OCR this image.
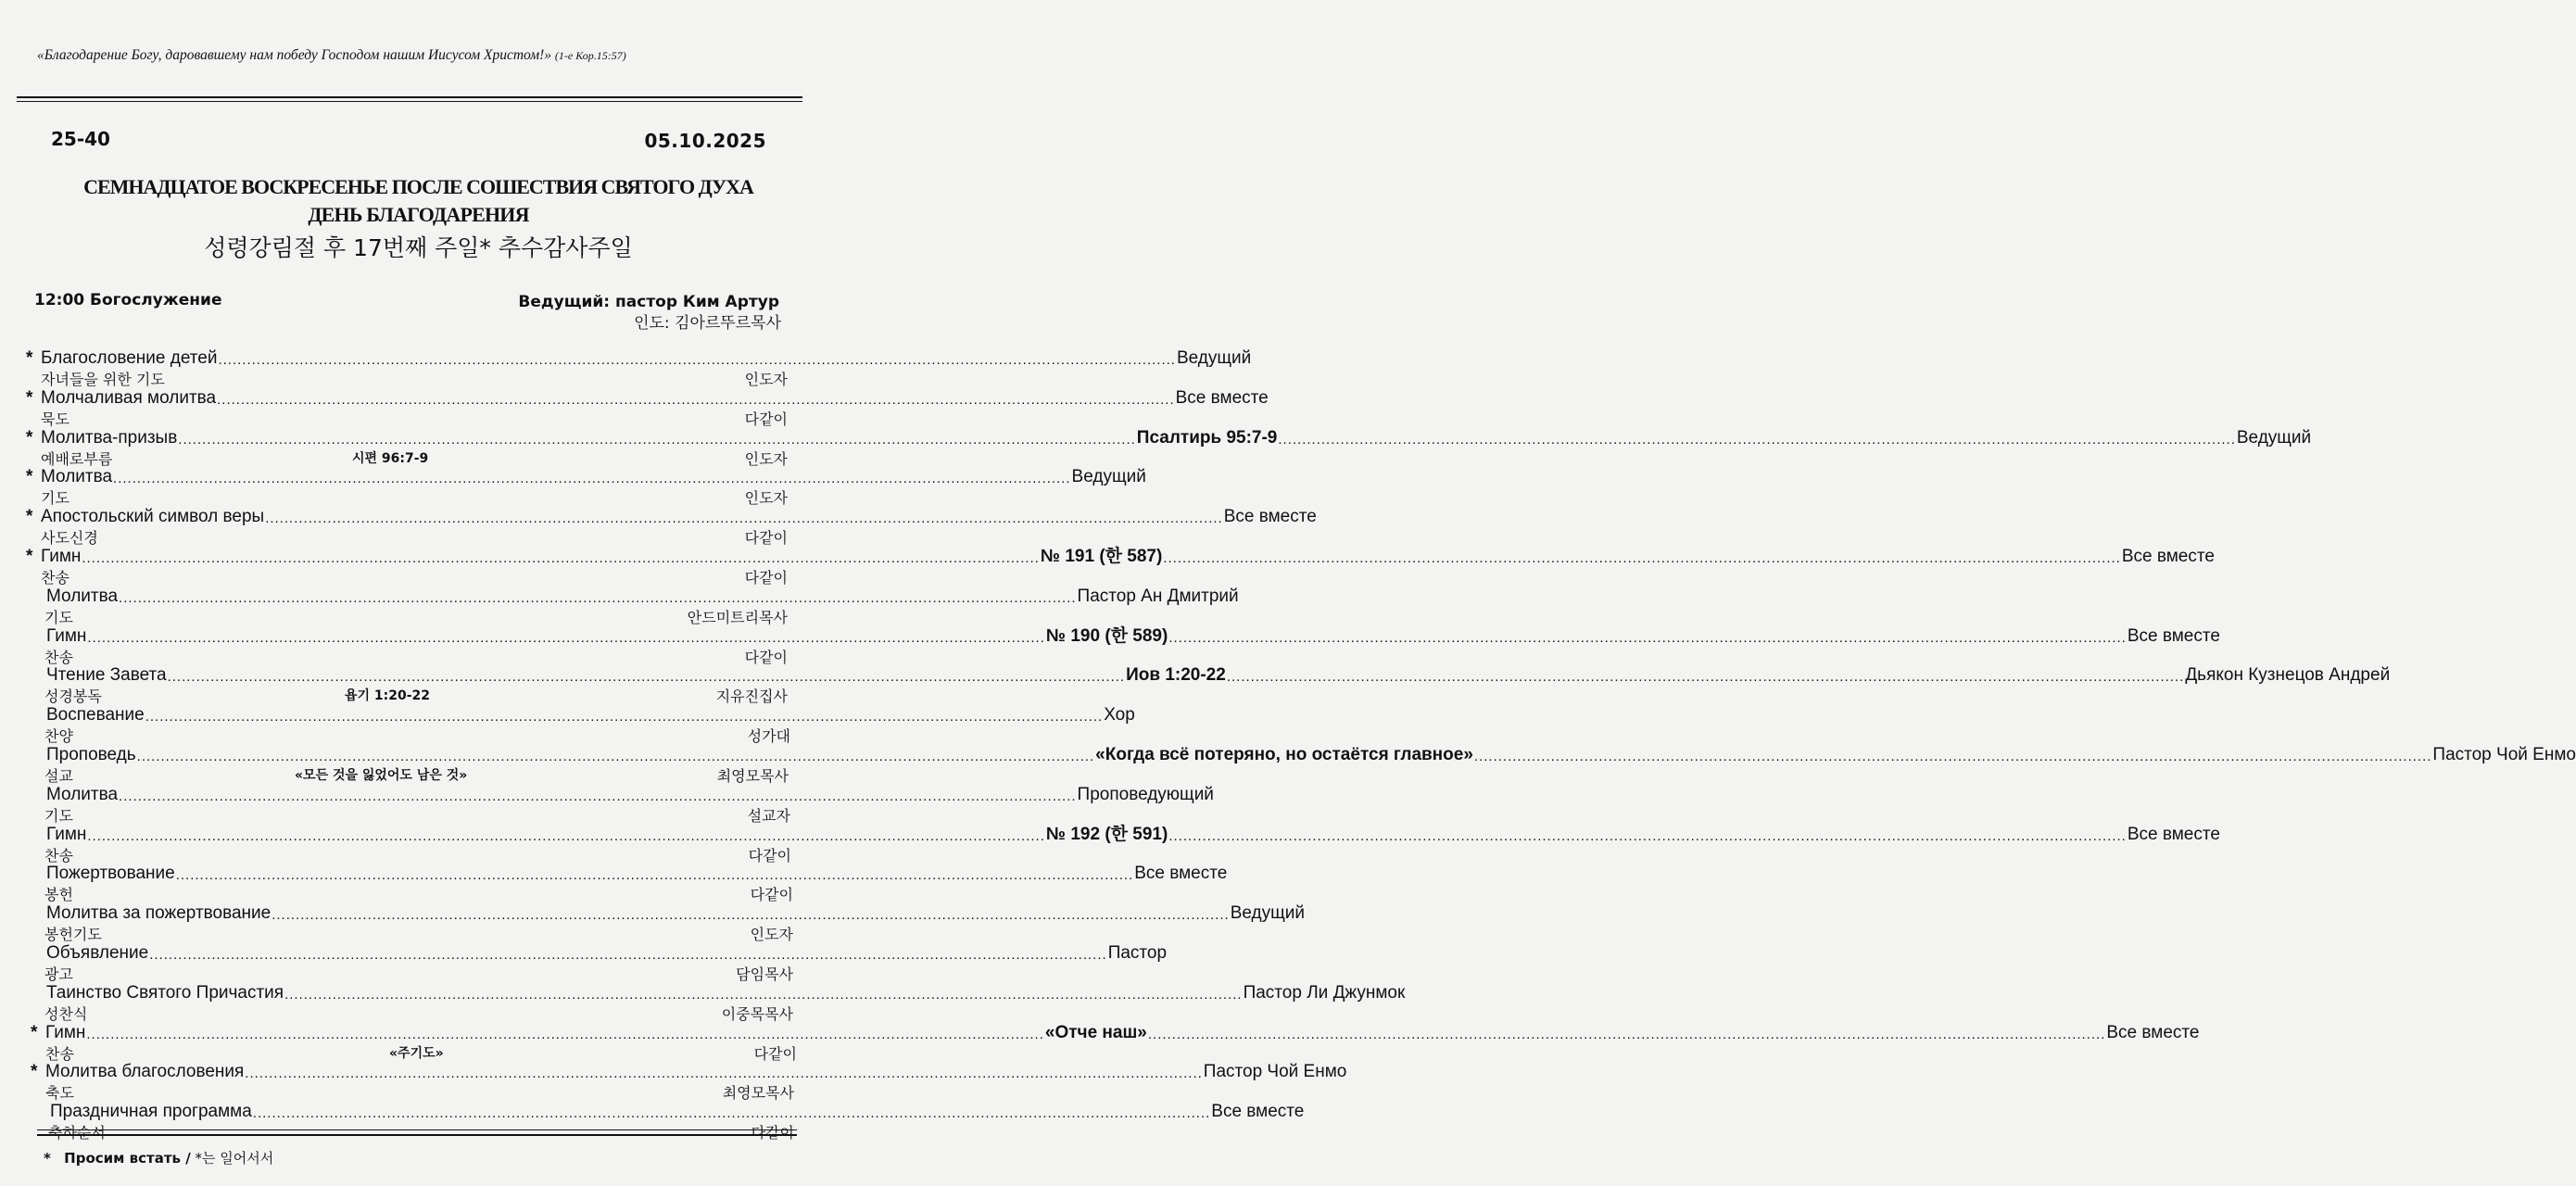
«Благодарение Богу, даровавшему нам победу Господом нашим Иисусом Христом!» (1-е Кор.15:57)
25-40	05.10.2025
СЕМНАДЦАТОЕ ВОСКРЕСЕНЬЕ ПОСЛЕ СОШЕСТВИЯ СВЯТОГО ДУХА
ДЕНЬ БЛАГОДАРЕНИЯ
성령강림절 후 17번째 주일* 추수감사주일
12:00 Богослужение	Ведущий: пастор Ким Артур
인도: 김아르뚜르목사
* Благословение детей ........................................................................................................................................................................................................ Ведущий
자녀들을 위한 기도	인도자
* Молчаливая молитва ........................................................................................................................................................................................................ Все вместе
묵도	다같이
* Молитва-призыв ........................................................................................................................................................................................................ Псалтирь 95:7-9 ........................................................................................................................................................................................................ Ведущий
예배로부름	시편 96:7-9	인도자
* Молитва ........................................................................................................................................................................................................ Ведущий
기도	인도자
* Апостольский символ веры ........................................................................................................................................................................................................ Все вместе
사도신경	다같이
* Гимн ........................................................................................................................................................................................................ № 191 (한 587) ........................................................................................................................................................................................................ Все вместе
찬송	다같이
Молитва ........................................................................................................................................................................................................ Пастор Ан Дмитрий
기도	안드미트리목사
Гимн ........................................................................................................................................................................................................ № 190 (한 589) ........................................................................................................................................................................................................ Все вместе
찬송	다같이
Чтение Завета ........................................................................................................................................................................................................ Иов 1:20-22 ........................................................................................................................................................................................................ Дьякон Кузнецов Андрей
성경봉독	욥기 1:20-22	지유진집사
Воспевание ........................................................................................................................................................................................................ Хор
찬양	성가대
Проповедь ........................................................................................................................................................................................................ «Когда всё потеряно, но остаётся главное» ........................................................................................................................................................................................................ Пастор Чой Енмо
설교	«모든 것을 잃었어도 남은 것»	최영모목사
Молитва ........................................................................................................................................................................................................ Проповедующий
기도	설교자
Гимн ........................................................................................................................................................................................................ № 192 (한 591) ........................................................................................................................................................................................................ Все вместе
찬송	다같이
Пожертвование ........................................................................................................................................................................................................ Все вместе
봉헌	다같이
Молитва за пожертвование ........................................................................................................................................................................................................ Ведущий
봉헌기도	인도자
Объявление ........................................................................................................................................................................................................ Пастор
광고	담임목사
Таинство Святого Причастия ........................................................................................................................................................................................................ Пастор Ли Джунмок
성찬식	이중목목사
* Гимн ........................................................................................................................................................................................................ «Отче наш» ........................................................................................................................................................................................................ Все вместе
찬송	«주기도»	다같이
* Молитва благословения ........................................................................................................................................................................................................ Пастор Чой Енмо
축도	최영모목사
Праздничная программа ........................................................................................................................................................................................................ Все вместе
축하순서	다같이
* Просим встать / *는 일어서서
